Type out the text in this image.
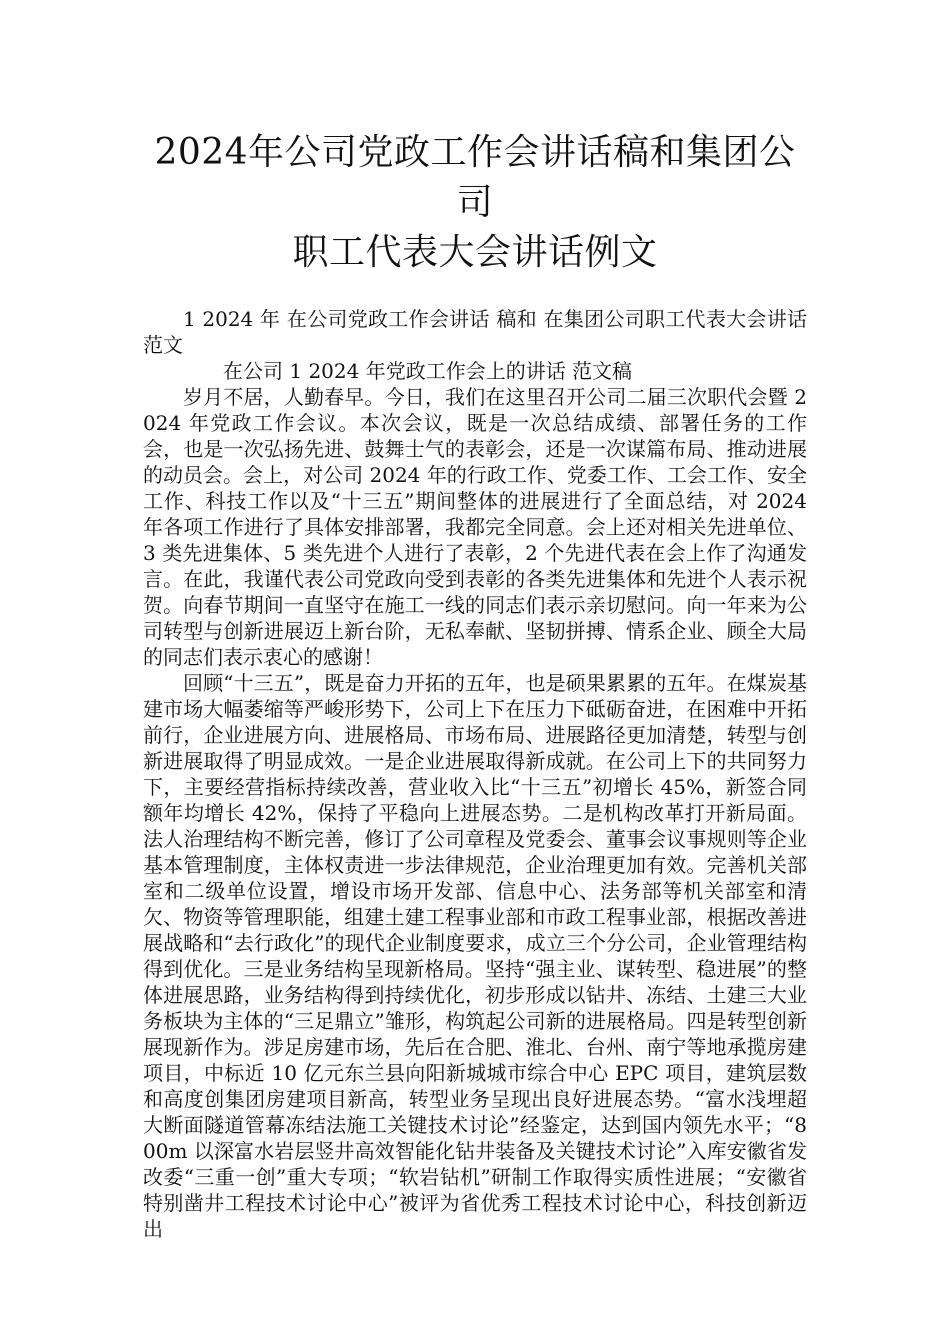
2024年公司党政工作会讲话稿和集团公司
职工代表大会讲话例文

1 2024 年 在公司党政工作会讲话 稿和 在集团公司职工代表大会讲话 范文

在公司 1 2024 年党政工作会上的讲话 范文稿

岁月不居，人勤春早。今日，我们在这里召开公司二届三次职代会暨 2024 年党政工作会议。本次会议，既是一次总结成绩、部署任务的工作会，也是一次弘扬先进、鼓舞士气的表彰会，还是一次谋篇布局、推动进展的动员会。会上，对公司 2024 年的行政工作、党委工作、工会工作、安全工作、科技工作以及“十三五”期间整体的进展进行了全面总结，对 2024 年各项工作进行了具体安排部署，我都完全同意。会上还对相关先进单位、3 类先进集体、5 类先进个人进行了表彰，2 个先进代表在会上作了沟通发言。在此，我谨代表公司党政向受到表彰的各类先进集体和先进个人表示祝贺。向春节期间一直坚守在施工一线的同志们表示亲切慰问。向一年来为公司转型与创新进展迈上新台阶，无私奉献、坚韧拼搏、情系企业、顾全大局的同志们表示衷心的感谢！

回顾“十三五”，既是奋力开拓的五年，也是硕果累累的五年。在煤炭基建市场大幅萎缩等严峻形势下，公司上下在压力下砥砺奋进，在困难中开拓前行，企业进展方向、进展格局、市场布局、进展路径更加清楚，转型与创新进展取得了明显成效。一是企业进展取得新成就。在公司上下的共同努力下，主要经营指标持续改善，营业收入比“十三五”初增长 45%，新签合同额年均增长 42%，保持了平稳向上进展态势。二是机构改革打开新局面。法人治理结构不断完善，修订了公司章程及党委会、董事会议事规则等企业基本管理制度，主体权责进一步法律规范，企业治理更加有效。完善机关部室和二级单位设置，增设市场开发部、信息中心、法务部等机关部室和清欠、物资等管理职能，组建土建工程事业部和市政工程事业部，根据改善进展战略和“去行政化”的现代企业制度要求，成立三个分公司，企业管理结构得到优化。三是业务结构呈现新格局。坚持“强主业、谋转型、稳进展”的整体进展思路，业务结构得到持续优化，初步形成以钻井、冻结、土建三大业务板块为主体的“三足鼎立”雏形，构筑起公司新的进展格局。四是转型创新展现新作为。涉足房建市场，先后在合肥、淮北、台州、南宁等地承揽房建项目，中标近 10 亿元东兰县向阳新城城市综合中心 EPC 项目，建筑层数和高度创集团房建项目新高，转型业务呈现出良好进展态势。“富水浅埋超大断面隧道管幕冻结法施工关键技术讨论”经鉴定，达到国内领先水平；“800m 以深富水岩层竖井高效智能化钻井装备及关键技术讨论”入库安徽省发改委“三重一创”重大专项；“软岩钻机”研制工作取得实质性进展；“安徽省特别凿井工程技术讨论中心”被评为省优秀工程技术讨论中心，科技创新迈出
